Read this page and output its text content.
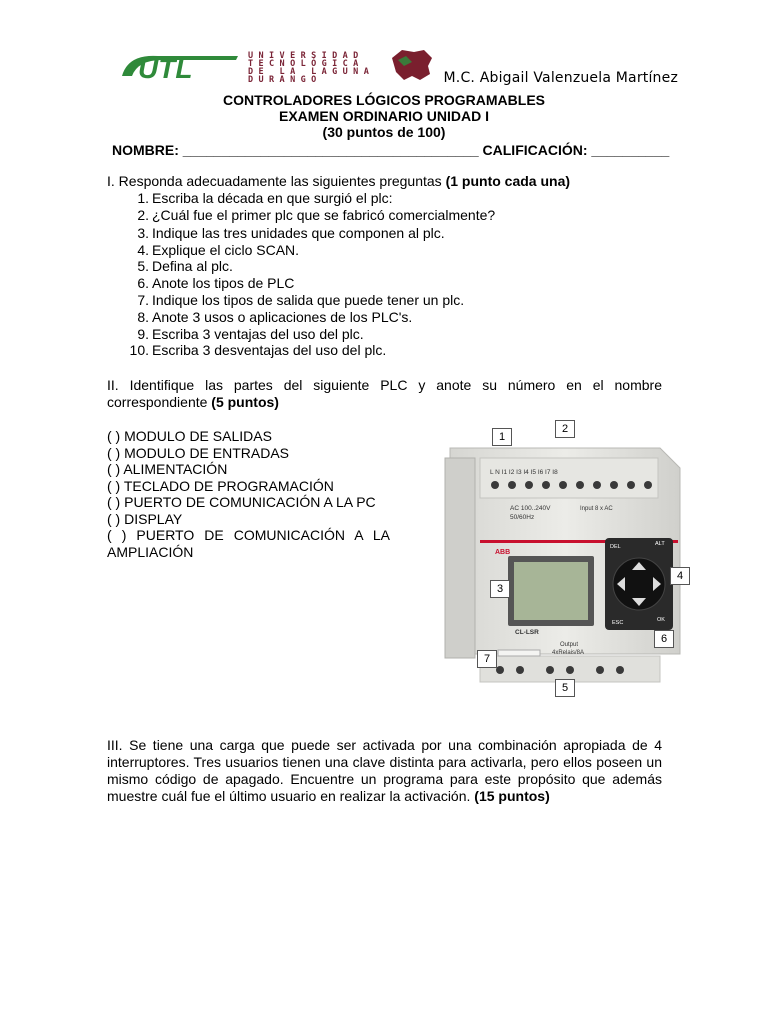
UTL	UNIVERSIDAD
TECNOLÓGICA
DE LA LAGUNA
DURANGO	M.C. Abigail Valenzuela Martínez
CONTROLADORES LÓGICOS PROGRAMABLES
EXAMEN ORDINARIO UNIDAD I
(30 puntos de 100)
NOMBRE: ______________________________________ CALIFICACIÓN: __________
I. Responda adecuadamente las siguientes preguntas (1 punto cada una)
1. Escriba la década en que surgió el plc:
2. ¿Cuál fue el primer plc que se fabricó comercialmente?
3. Indique las tres unidades que componen al plc.
4. Explique el ciclo SCAN.
5. Defina al plc.
6. Anote los tipos de PLC
7. Indique los tipos de salida que puede tener un plc.
8. Anote 3 usos o aplicaciones de los PLC's.
9. Escriba 3 ventajas del uso del plc.
10. Escriba 3 desventajas del uso del plc.
II. Identifique las partes del siguiente PLC y anote su número en el nombre correspondiente (5 puntos)
( ) MODULO DE SALIDAS
( ) MODULO DE ENTRADAS
( ) ALIMENTACIÓN
( ) TECLADO DE PROGRAMACIÓN
( ) PUERTO DE COMUNICACIÓN A LA PC
( ) DISPLAY
( ) PUERTO DE COMUNICACIÓN A LA
AMPLIACIÓN
L N I1 I2 I3 I4 I5 I6 I7 I8
AC 100..240V
50/60Hz
Input 8 x AC
ABB
CL-LSR
DEL	ALT
ESC	OK
Output
4xRelais/8A
1
2
3
4
5
6
7
III. Se tiene una carga que puede ser activada por una combinación apropiada de 4 interruptores. Tres usuarios tienen una clave distinta para activarla, pero ellos poseen un mismo código de apagado. Encuentre un programa para este propósito que además muestre cuál fue el último usuario en realizar la activación. (15 puntos)
